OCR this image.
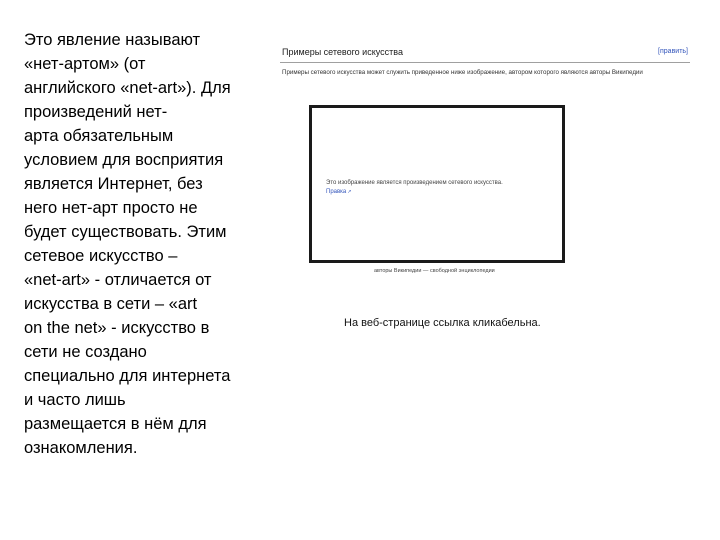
Это явление называют
«нет-артом» (от
английского «net-art»). Для
произведений нет-
арта обязательным
условием для восприятия
является Интернет, без
него нет-арт просто не
будет существовать. Этим
сетевое искусство –
«net-art» - отличается от
искусства в сети – «art
on the net» - искусство в
сети не создано
специально для интернета
и часто лишь
размещается в нём для
ознакомления.
Примеры сетевого искусства	[править]
Примеры сетевого искусства может служить приведенное ниже изображение, автором которого являются авторы Википедии
Это изображение является произведением сетевого искусства.
Правка↗
авторы Википедии — свободной энциклопедии
На веб-странице ссылка кликабельна.
